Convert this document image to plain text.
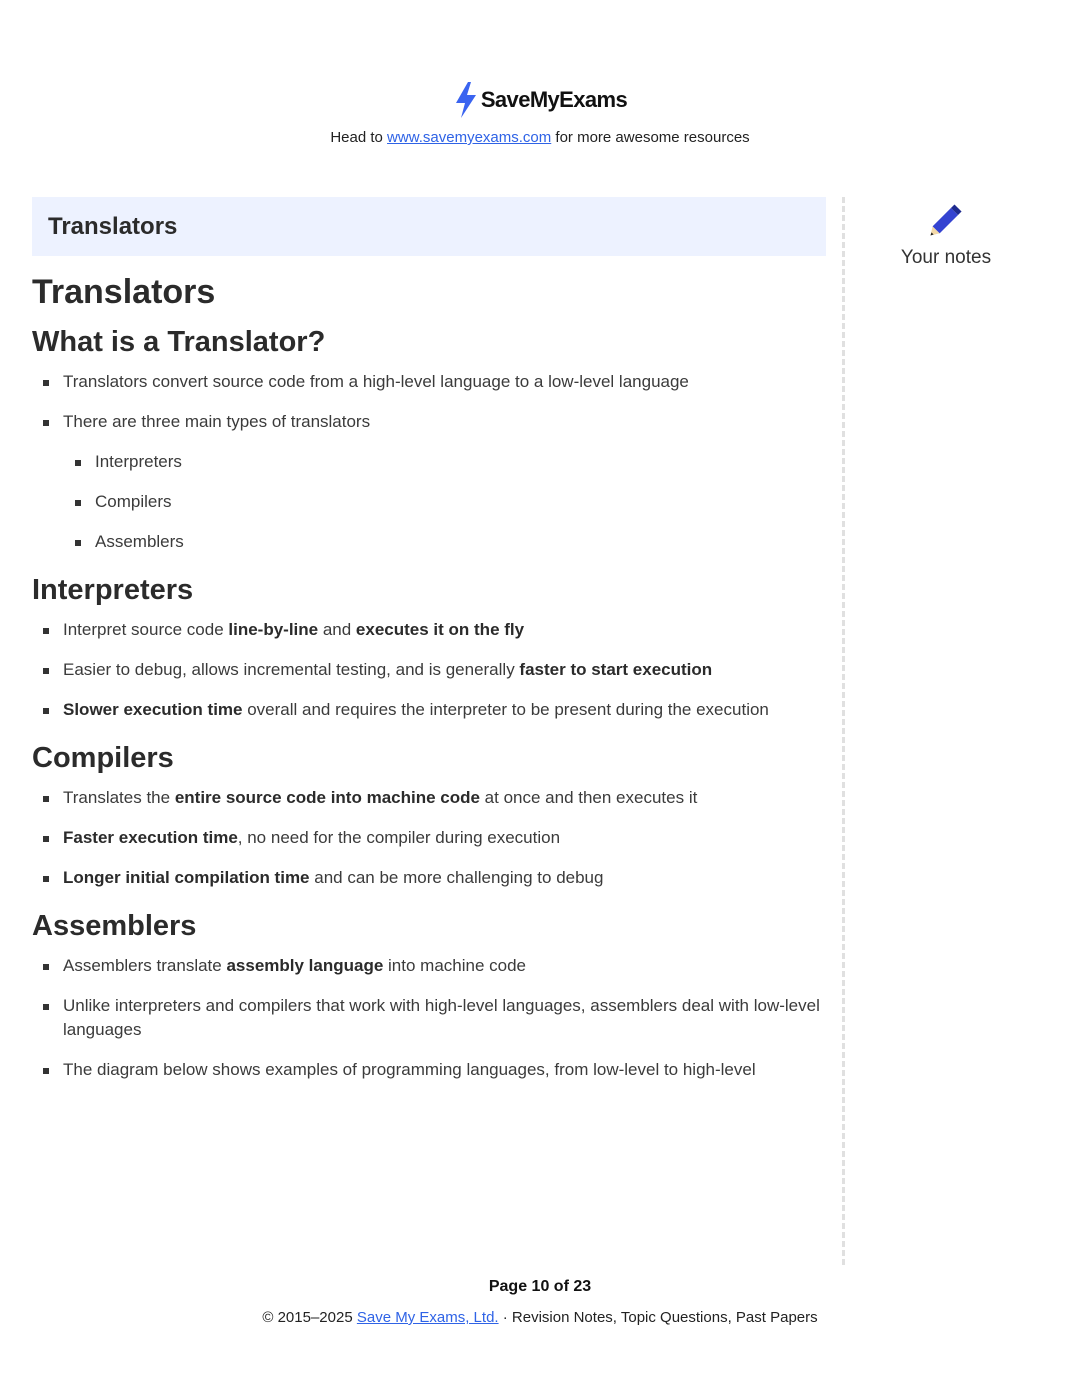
SaveMyExams
Head to www.savemyexams.com for more awesome resources
Translators
Your notes
Translators
What is a Translator?
Translators convert source code from a high-level language to a low-level language
There are three main types of translators
Interpreters
Compilers
Assemblers
Interpreters
Interpret source code line-by-line and executes it on the fly
Easier to debug, allows incremental testing, and is generally faster to start execution
Slower execution time overall and requires the interpreter to be present during the execution
Compilers
Translates the entire source code into machine code at once and then executes it
Faster execution time, no need for the compiler during execution
Longer initial compilation time and can be more challenging to debug
Assemblers
Assemblers translate assembly language into machine code
Unlike interpreters and compilers that work with high-level languages, assemblers deal with low-level languages
The diagram below shows examples of programming languages, from low-level to high-level
Page 10 of 23
© 2015–2025 Save My Exams, Ltd. · Revision Notes, Topic Questions, Past Papers
